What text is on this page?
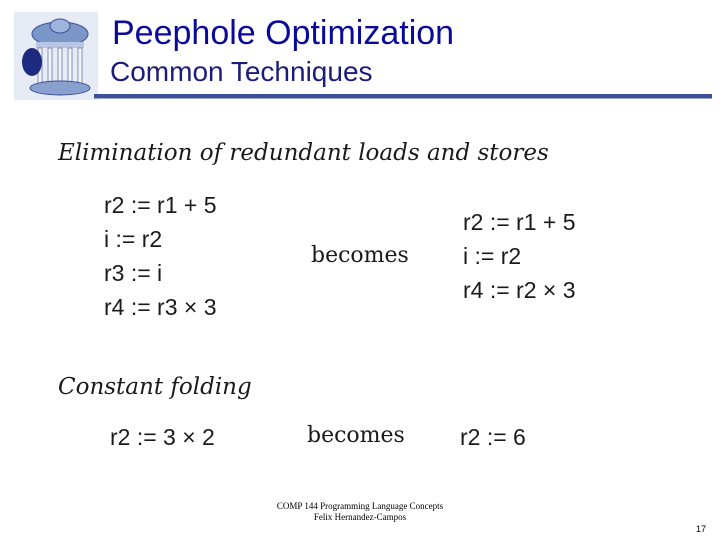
Peephole Optimization
Common Techniques
Elimination of redundant loads and stores
r2 := r1 + 5
i := r2
r3 := i
r4 := r3 × 3
becomes
r2 := r1 + 5
i := r2
r4 := r2 × 3
Constant folding
r2 := 3 × 2	becomes r2 := 6
COMP 144 Programming Language Concepts
Felix Hernandez-Campos
17
